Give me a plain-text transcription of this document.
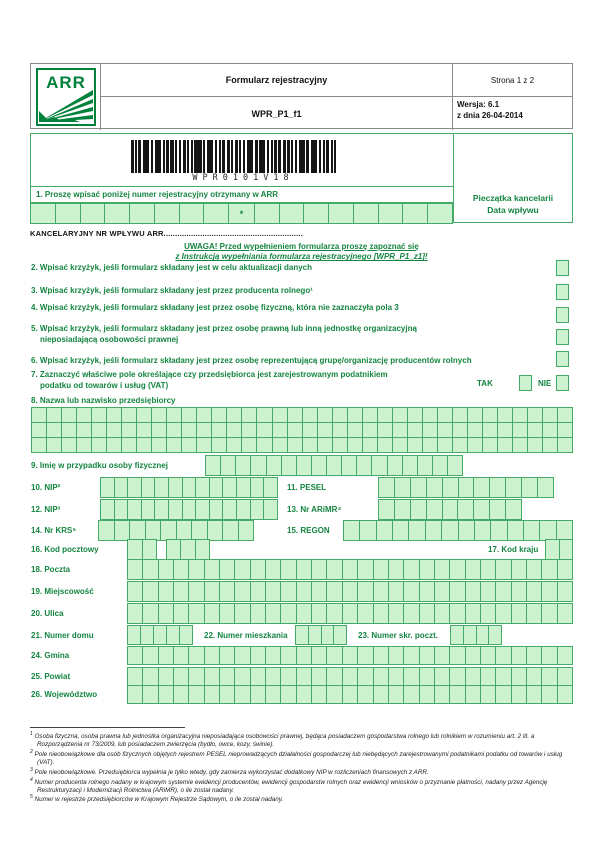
ARR	Formularz rejestracyjny	Strona 1 z 2
WPR_P1_f1
Wersja: 6.1
z dnia 26-04-2014
WPR0101V18
1. Proszę wpisać poniżej numer rejestracyjny otrzymany w ARR
*
Pieczątka kancelarii
Data wpływu
KANCELARYJNY NR WPŁYWU ARR.............................................................
UWAGA! Przed wypełnieniem formularza proszę zapoznać się
z Instrukcją wypełniania formularza rejestracyjnego [WPR_P1_z1]!
2. Wpisać krzyżyk, jeśli formularz składany jest w celu aktualizacji danych
3. Wpisać krzyżyk, jeśli formularz składany jest przez producenta rolnego¹
4. Wpisać krzyżyk, jeśli formularz składany jest przez osobę fizyczną, która nie zaznaczyła pola 3
5. Wpisać krzyżyk, jeśli formularz składany jest przez osobę prawną lub inną jednostkę organizacyjną
nieposiadającą osobowości prawnej
6. Wpisać krzyżyk, jeśli formularz składany jest przez osobę reprezentującą grupę/organizację producentów rolnych
7. Zaznaczyć właściwe pole określające czy przedsiębiorca jest zarejestrowanym podatnikiem
podatku od towarów i usług (VAT)	TAK	NIE
8. Nazwa lub nazwisko przedsiębiorcy
9. Imię w przypadku osoby fizycznej
10. NIP²	11. PESEL
12. NIP³	13. Nr ARiMR⁴
14. Nr KRS⁵	15. REGON
16. Kod pocztowy	17. Kod kraju
18. Poczta
19. Miejscowość
20. Ulica
21. Numer domu	22. Numer mieszkania	23. Numer skr. poczt.
24. Gmina
25. Powiat
26. Województwo
$^1$ Osoba fizyczna, osoba prawna lub jednostka organizacyjna nieposiadająca osobowości prawnej, będąca posiadaczem gospodarstwa rolnego lub rolnikiem w rozumieniu art. 2 lit. a Rozporządzenia nr 73/2009, lub posiadaczem zwierzęcia (bydło, owce, kozy, świnie).
$^2$ Pole nieobowiązkowe dla osób fizycznych objętych rejestrem PESEL nieprowadzących działalności gospodarczej lub niebędących zarejestrowanymi podatnikami podatku od towarów i usług (VAT).
$^3$ Pole nieobowiązkowe. Przedsiębiorca wypełnia je tylko wtedy, gdy zamierza wykorzystać dodatkowy NIP w rozliczeniach finansowych z ARR.
$^4$ Numer producenta rolnego nadany w krajowym systemie ewidencji producentów, ewidencji gospodarstw rolnych oraz ewidencji wniosków o przyznanie płatności, nadany przez Agencję Restrukturyzacji i Modernizacji Rolnictwa (ARiMR), o ile został nadany.
$^5$ Numer w rejestrze przedsiębiorców w Krajowym Rejestrze Sądowym, o ile został nadany.
